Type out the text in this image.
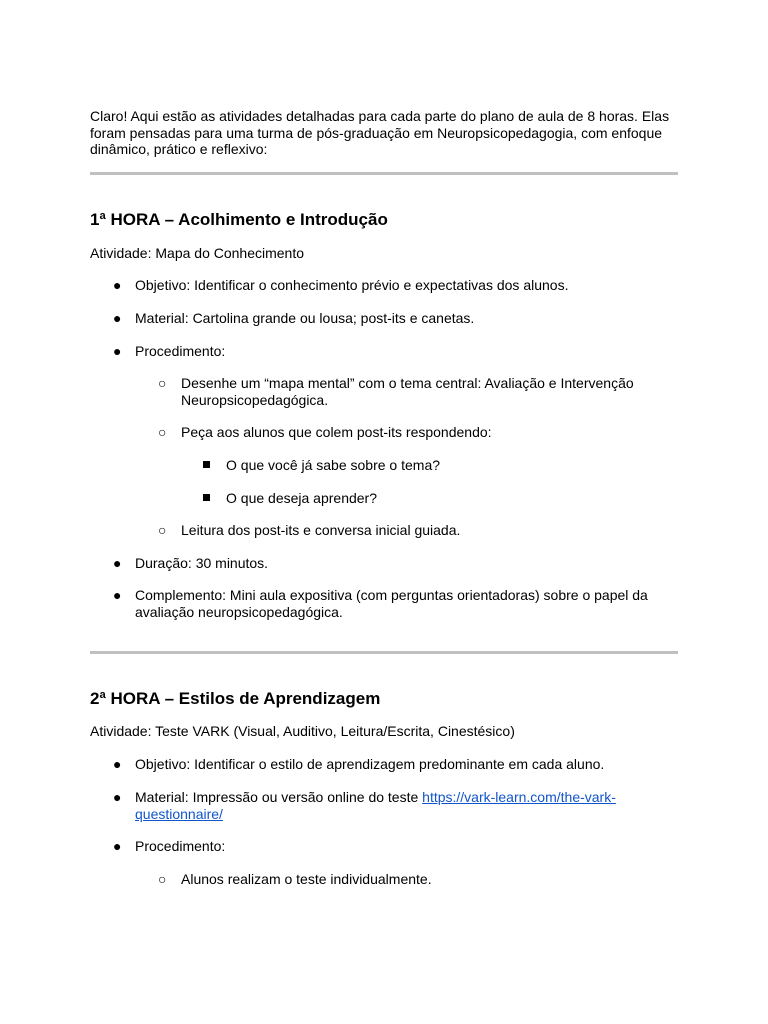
Claro! Aqui estão as atividades detalhadas para cada parte do plano de aula de 8 horas. Elas foram pensadas para uma turma de pós-graduação em Neuropsicopedagogia, com enfoque dinâmico, prático e reflexivo:
1ª HORA – Acolhimento e Introdução
Atividade: Mapa do Conhecimento
● Objetivo: Identificar o conhecimento prévio e expectativas dos alunos.
● Material: Cartolina grande ou lousa; post-its e canetas.
● Procedimento:
○ Desenhe um “mapa mental” com o tema central: Avaliação e Intervenção Neuropsicopedagógica.
○ Peça aos alunos que colem post-its respondendo:
O que você já sabe sobre o tema?
O que deseja aprender?
○ Leitura dos post-its e conversa inicial guiada.
● Duração: 30 minutos.
● Complemento: Mini aula expositiva (com perguntas orientadoras) sobre o papel da avaliação neuropsicopedagógica.
2ª HORA – Estilos de Aprendizagem
Atividade: Teste VARK (Visual, Auditivo, Leitura/Escrita, Cinestésico)
● Objetivo: Identificar o estilo de aprendizagem predominante em cada aluno.
● Material: Impressão ou versão online do teste https://vark-learn.com/the-vark-questionnaire/
● Procedimento:
○ Alunos realizam o teste individualmente.
